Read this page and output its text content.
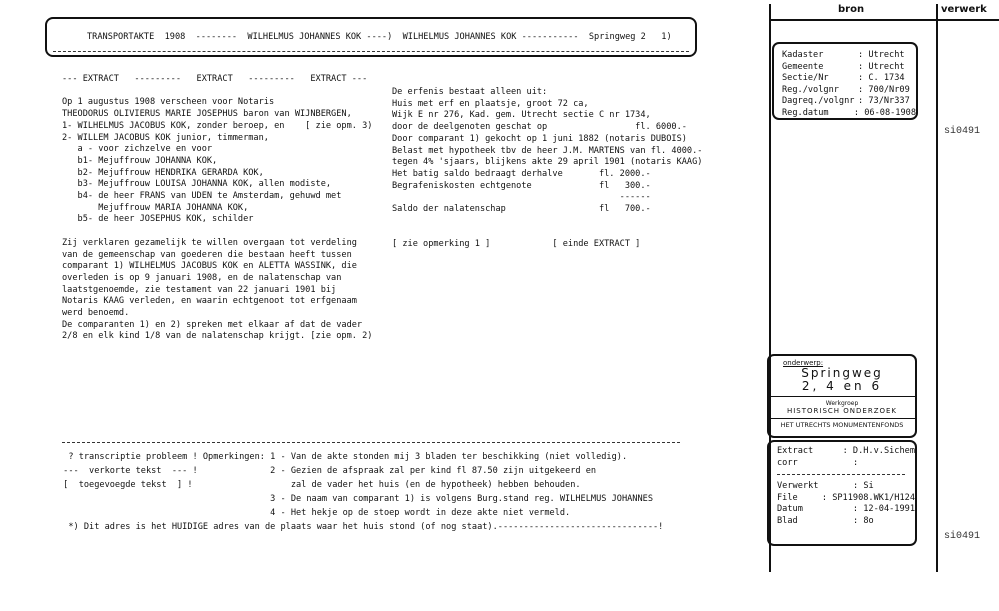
TRANSPORTAKTE  1908  --------  WILHELMUS JOHANNES KOK ----)  WILHELMUS JOHANNES KOK -----------  Springweg 2   1)
--- EXTRACT   ---------   EXTRACT   ---------   EXTRACT ---

Op 1 augustus 1908 verscheen voor Notaris
THEODORUS OLIVIERUS MARIE JOSEPHUS baron van WIJNBERGEN,
1- WILHELMUS JACOBUS KOK, zonder beroep, en    [ zie opm. 3)
2- WILLEM JACOBUS KOK junior, timmerman,
a - voor zichzelve en voor
b1- Mejuffrouw JOHANNA KOK,
b2- Mejuffrouw HENDRIKA GERARDA KOK,
b3- Mejuffrouw LOUISA JOHANNA KOK, allen modiste,
b4- de heer FRANS van UDEN te Amsterdam, gehuwd met
Mejuffrouw MARIA JOHANNA KOK,
b5- de heer JOSEPHUS KOK, schilder

Zij verklaren gezamelijk te willen overgaan tot verdeling
van de gemeenschap van goederen die bestaan heeft tussen
comparant 1) WILHELMUS JACOBUS KOK en ALETTA WASSINK, die
overleden is op 9 januari 1908, en de nalatenschap van
laatstgenoemde, zie testament van 22 januari 1901 bij
Notaris KAAG verleden, en waarin echtgenoot tot erfgenaam
werd benoemd.
De comparanten 1) en 2) spreken met elkaar af dat de vader
2/8 en elk kind 1/8 van de nalatenschap krijgt. [zie opm. 2)
De erfenis bestaat alleen uit:
Huis met erf en plaatsje, groot 72 ca,
Wijk E nr 276, Kad. gem. Utrecht sectie C nr 1734,
door de deelgenoten geschat op                 fl. 6000.-
Door comparant 1) gekocht op 1 juni 1882 (notaris DUBOIS)
Belast met hypotheek tbv de heer J.M. MARTENS van fl. 4000.-
tegen 4% 'sjaars, blijkens akte 29 april 1901 (notaris KAAG)
Het batig saldo bedraagt derhalve       fl. 2000.-
Begrafeniskosten echtgenote             fl   300.-
------
Saldo der nalatenschap                  fl   700.-

[ zie opmerking 1 ]            [ einde EXTRACT ]
? transcriptie probleem ! Opmerkingen: 1 - Van de akte stonden mij 3 bladen ter beschikking (niet volledig).
---  verkorte tekst  --- !              2 - Gezien de afspraak zal per kind fl 87.50 zijn uitgekeerd en
[  toegevoegde tekst  ] !                   zal de vader het huis (en de hypotheek) hebben behouden.
3 - De naam van comparant 1) is volgens Burg.stand reg. WILHELMUS JOHANNES
4 - Het hekje op de stoep wordt in deze akte niet vermeld.
*) Dit adres is het HUIDIGE adres van de plaats waar het huis stond (of nog staat).-------------------------------!
bron	verwerk
Kadaster	: Utrecht
Gemeente	: Utrecht
Sectie/Nr	: C. 1734
Reg./volgnr	: 700/Nr09
Dagreq./volgnr : 73/Nr337
Reg.datum	: 06-08-1908
si0491
onderwerp:
Springweg
2, 4 en 6
Werkgroep
HISTORISCH ONDERZOEK
HET UTRECHTS MONUMENTENFONDS
Extract	: D.H.v.Sichem
corr	:
Verwerkt	: Si
File	: SP11908.WK1/H124
Datum	: 12-04-1991
Blad	: 8o
si0491
